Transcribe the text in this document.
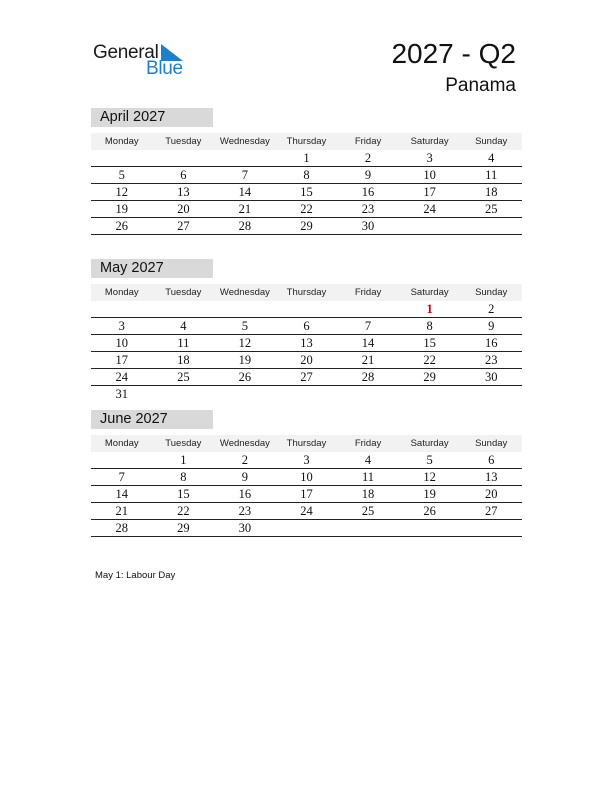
General
Blue	2027 - Q2
Panama
April 2027
Monday	Tuesday	Wednesday	Thursday	Friday	Saturday	Sunday
			1	2	3	4
5	6	7	8	9	10	11
12	13	14	15	16	17	18
19	20	21	22	23	24	25
26	27	28	29	30		
May 2027
Monday	Tuesday	Wednesday	Thursday	Friday	Saturday	Sunday
					1	2
3	4	5	6	7	8	9
10	11	12	13	14	15	16
17	18	19	20	21	22	23
24	25	26	27	28	29	30
31						
June 2027
Monday	Tuesday	Wednesday	Thursday	Friday	Saturday	Sunday
	1	2	3	4	5	6
7	8	9	10	11	12	13
14	15	16	17	18	19	20
21	22	23	24	25	26	27
28	29	30				
May 1: Labour Day
